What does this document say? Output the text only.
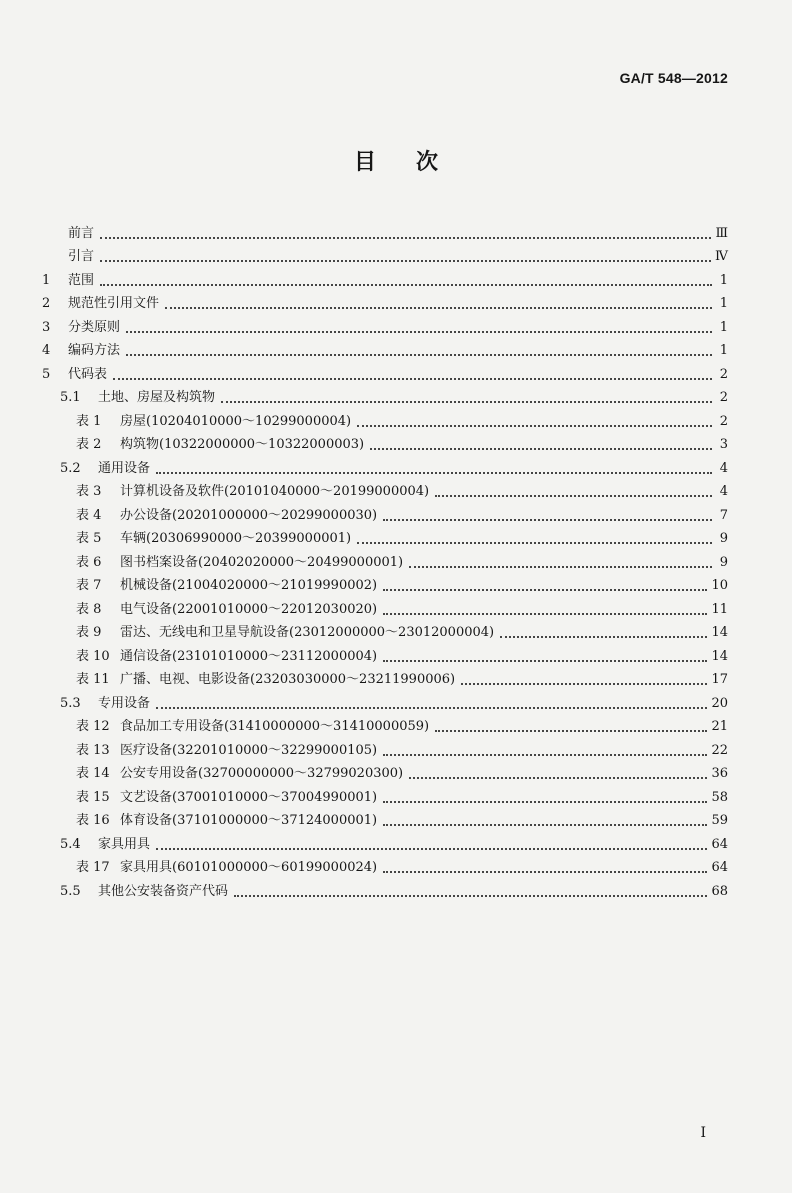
GA/T 548—2012
目 次
前言	Ⅲ
引言	Ⅳ
1	范围	1
2	规范性引用文件	1
3	分类原则	1
4	编码方法	1
5	代码表	2
5.1	土地、房屋及构筑物	2
表 1	房屋(10204010000～10299000004)	2
表 2	构筑物(10322000000～10322000003)	3
5.2	通用设备	4
表 3	计算机设备及软件(20101040000～20199000004)	4
表 4	办公设备(20201000000～20299000030)	7
表 5	车辆(20306990000～20399000001)	9
表 6	图书档案设备(20402020000～20499000001)	9
表 7	机械设备(21004020000～21019990002)	10
表 8	电气设备(22001010000～22012030020)	11
表 9	雷达、无线电和卫星导航设备(23012000000～23012000004)	14
表 10 通信设备(23101010000～23112000004)	14
表 11 广播、电视、电影设备(23203030000～23211990006)	17
5.3	专用设备	20
表 12 食品加工专用设备(31410000000～31410000059)	21
表 13 医疗设备(32201010000～32299000105)	22
表 14 公安专用设备(32700000000～32799020300)	36
表 15 文艺设备(37001010000～37004990001)	58
表 16 体育设备(37101000000～37124000001)	59
5.4	家具用具	64
表 17 家具用具(60101000000～60199000024)	64
5.5	其他公安装备资产代码	68
I
